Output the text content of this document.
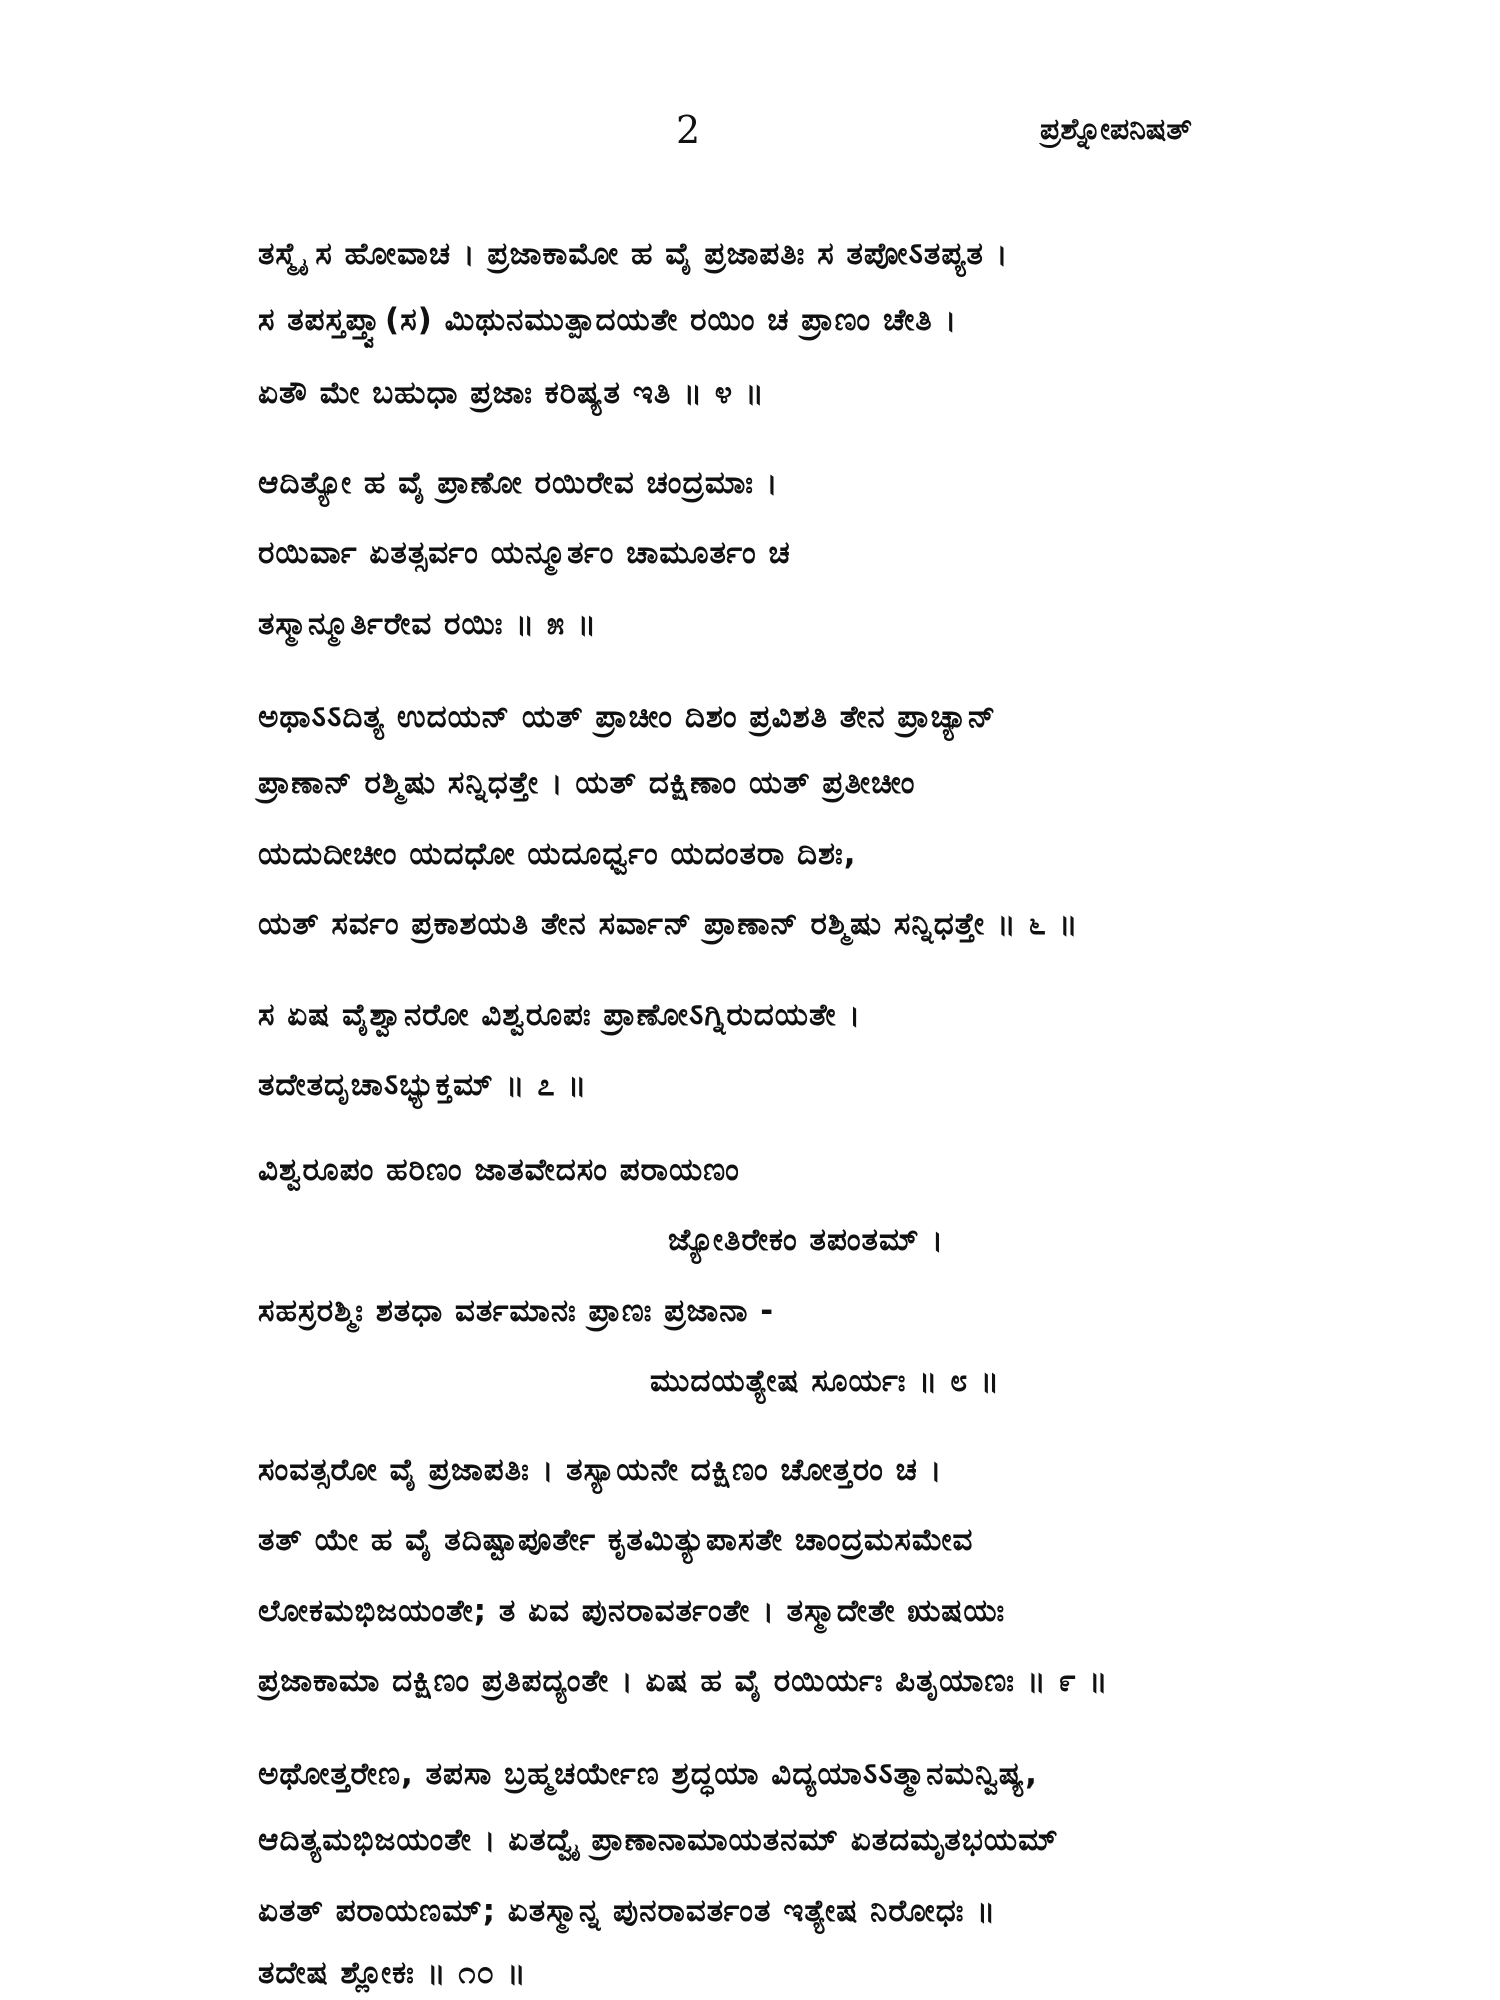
2	ಪ್ರಶ್ನೋಪನಿಷತ್
ತಸ್ಮೈ ಸ ಹೋವಾಚ । ಪ್ರಜಾಕಾಮೋ ಹ ವೈ ಪ್ರಜಾಪತಿಃ ಸ ತಪೋऽತಪ್ಯತ ।
ಸ ತಪಸ್ತಪ್ತ್ವಾ(ಸ) ಮಿಥುನಮುತ್ಪಾದಯತೇ ರಯಿಂ ಚ ಪ್ರಾಣಂ ಚೇತಿ ।
ಏತೌ ಮೇ ಬಹುಧಾ ಪ್ರಜಾಃ ಕರಿಷ್ಯತ ಇತಿ ॥ ೪ ॥
ಆದಿತ್ಯೋ ಹ ವೈ ಪ್ರಾಣೋ ರಯಿರೇವ ಚಂದ್ರಮಾಃ ।
ರಯಿರ್ವಾ ಏತತ್ಸರ್ವಂ ಯನ್ಮೂರ್ತಂ ಚಾಮೂರ್ತಂ ಚ
ತಸ್ಮಾನ್ಮೂರ್ತಿರೇವ ರಯಿಃ ॥ ೫ ॥
ಅಥಾऽऽದಿತ್ಯ ಉದಯನ್ ಯತ್ ಪ್ರಾಚೀಂ ದಿಶಂ ಪ್ರವಿಶತಿ ತೇನ ಪ್ರಾಚ್ಯಾನ್
ಪ್ರಾಣಾನ್ ರಶ್ಮಿಷು ಸನ್ನಿಧತ್ತೇ । ಯತ್ ದಕ್ಷಿಣಾಂ ಯತ್ ಪ್ರತೀಚೀಂ
ಯದುದೀಚೀಂ ಯದಧೋ ಯದೂರ್ಧ್ವಂ ಯದಂತರಾ ದಿಶಃ,
ಯತ್ ಸರ್ವಂ ಪ್ರಕಾಶಯತಿ ತೇನ ಸರ್ವಾನ್ ಪ್ರಾಣಾನ್ ರಶ್ಮಿಷು ಸನ್ನಿಧತ್ತೇ ॥ ೬ ॥
ಸ ಏಷ ವೈಶ್ವಾನರೋ ವಿಶ್ವರೂಪಃ ಪ್ರಾಣೋऽಗ್ನಿರುದಯತೇ ।
ತದೇತದೃಚಾऽಭ್ಯುಕ್ತಮ್ ॥ ೭ ॥
ವಿಶ್ವರೂಪಂ ಹರಿಣಂ ಜಾತವೇದಸಂ ಪರಾಯಣಂ
ಜ್ಯೋತಿರೇಕಂ ತಪಂತಮ್ ।
ಸಹಸ್ರರಶ್ಮಿಃ ಶತಧಾ ವರ್ತಮಾನಃ ಪ್ರಾಣಃ ಪ್ರಜಾನಾ -
ಮುದಯತ್ಯೇಷ ಸೂರ್ಯಃ ॥ ೮ ॥
ಸಂವತ್ಸರೋ ವೈ ಪ್ರಜಾಪತಿಃ । ತಸ್ಯಾಯನೇ ದಕ್ಷಿಣಂ ಚೋತ್ತರಂ ಚ ।
ತತ್ ಯೇ ಹ ವೈ ತದಿಷ್ಟಾಪೂರ್ತೇ ಕೃತಮಿತ್ಯುಪಾಸತೇ ಚಾಂದ್ರಮಸಮೇವ
ಲೋಕಮಭಿಜಯಂತೇ; ತ ಏವ ಪುನರಾವರ್ತಂತೇ । ತಸ್ಮಾದೇತೇ ಋಷಯಃ
ಪ್ರಜಾಕಾಮಾ ದಕ್ಷಿಣಂ ಪ್ರತಿಪದ್ಯಂತೇ । ಏಷ ಹ ವೈ ರಯಿರ್ಯಃ ಪಿತೃಯಾಣಃ ॥ ೯ ॥
ಅಥೋತ್ತರೇಣ, ತಪಸಾ ಬ್ರಹ್ಮಚರ್ಯೇಣ ಶ್ರದ್ಧಯಾ ವಿದ್ಯಯಾऽऽತ್ಮಾನಮನ್ವಿಷ್ಯ,
ಆದಿತ್ಯಮಭಿಜಯಂತೇ । ಏತದ್ವೈ ಪ್ರಾಣಾನಾಮಾಯತನಮ್ ಏತದಮೃತಭಯಮ್
ಏತತ್ ಪರಾಯಣಮ್; ಏತಸ್ಮಾನ್ನ ಪುನರಾವರ್ತಂತ ಇತ್ಯೇಷ ನಿರೋಧಃ ॥
ತದೇಷ ಶ್ಲೋಕಃ ॥ ೧೦ ॥
